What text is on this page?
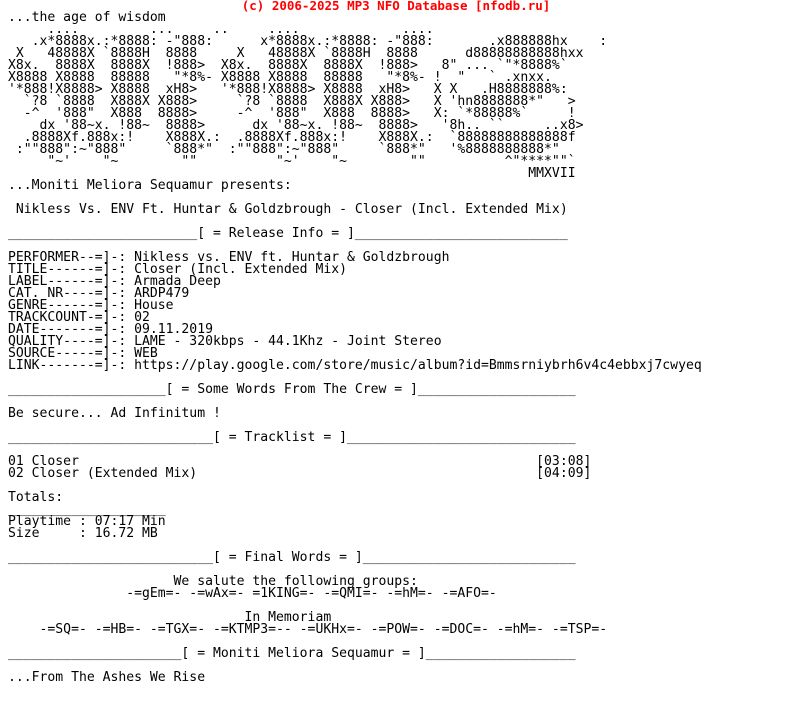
(c) 2006-2025 MP3 NFO Database [nfodb.ru]
...the age of wisdom
....         ...     ..     ....             ....
.x*8888x.:*8888: -"888:      x*8888x.:*8888: -"888:       .x888888hx    :
X   48888X `8888H  8888     X   48888X `8888H  8888      d88888888888hxx
X8x.  8888X  8888X  !888>  X8x.  8888X  8888X  !888>   8" ... `"*8888%`
X8888 X8888  88888   "*8%- X8888 X8888  88888   "*8%- !  "   ` .xnxx.
'*888!X8888> X8888  xH8>   '*888!X8888> X8888  xH8>   X X   .H8888888%:
`?8 `8888  X888X X888>     `?8 `8888  X888X X888>   X 'hn8888888*"   >
-^  '888"  X888  8888>     -^  '888"  X888  8888>   X: `*88888%`     !
dx '88~x. !88~  8888>      dx '88~x. !88~  8888>   '8h.. ``     ..x8>
.8888Xf.888x:!    X888X.:  .8888Xf.888x:!    X888X.:  `88888888888888f
:""888":~"888"     `888*"  :""888":~"888"     `888*"   '%8888888888*"
"~'    "~        ""          "~'    "~        ""          ^"****""`
MMXVII
...Moniti Meliora Sequamur presents:

Nikless Vs. ENV Ft. Huntar & Goldzbrough - Closer (Incl. Extended Mix)

________________________[ = Release Info = ]___________________________

PERFORMER--=]-: Nikless vs. ENV ft. Huntar & Goldzbrough
TITLE------=]-: Closer (Incl. Extended Mix)
LABEL------=]-: Armada Deep
CAT. NR----=]-: ARDP479
GENRE------=]-: House
TRACKCOUNT-=]-: 02
DATE-------=]-: 09.11.2019
QUALITY----=]-: LAME - 320kbps - 44.1Khz - Joint Stereo
SOURCE-----=]-: WEB
LINK-------=]-: https://play.google.com/store/music/album?id=Bmmsrniybrh6v4c4ebbxj7cwyeq

____________________[ = Some Words From The Crew = ]____________________

Be secure... Ad Infinitum !

__________________________[ = Tracklist = ]_____________________________

01 Closer                                                          [03:08]
02 Closer (Extended Mix)                                           [04:09]

Totals:
____________________
Playtime : 07:17 Min
Size     : 16.72 MB

__________________________[ = Final Words = ]___________________________

We salute the following groups:
-=gEm=- -=wAx=- =1KING=- -=QMI=- -=hM=- -=AFO=-

In Memoriam
-=SQ=- -=HB=- -=TGX=- -=KTMP3=-- -=UKHx=- -=POW=- -=DOC=- -=hM=- -=TSP=-

______________________[ = Moniti Meliora Sequamur = ]___________________

...From The Ashes We Rise
